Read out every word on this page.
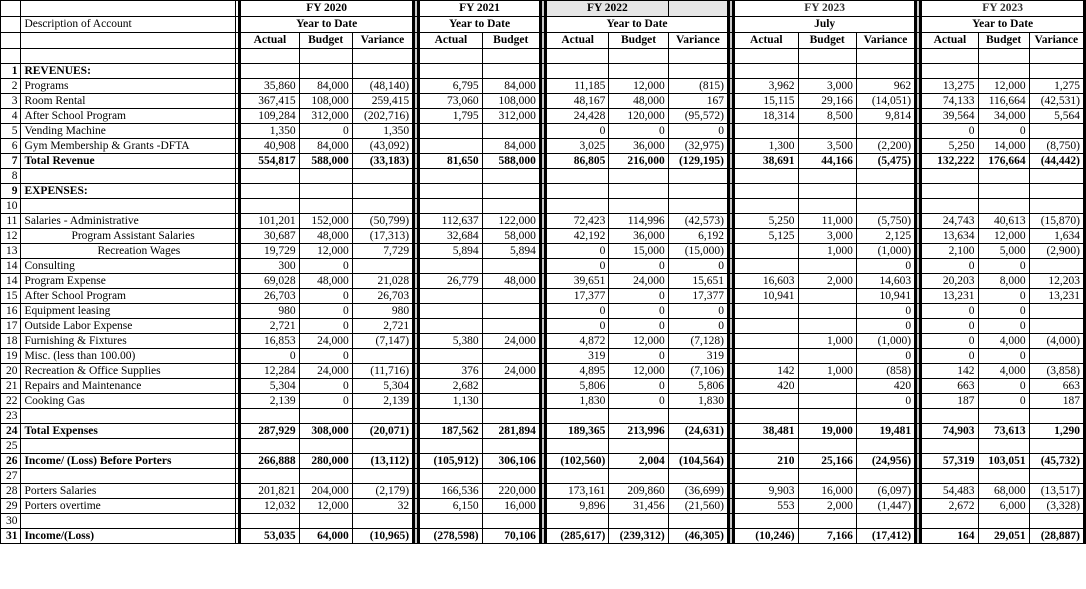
			FY 2020				FY 2021			FY 2022				FY 2023				FY 2023		
	Description of Account		Year to Date				Year to Date			Year to Date				July				Year to Date		
			Actual	Budget	Variance		Actual	Budget		Actual	Budget	Variance		Actual	Budget	Variance		Actual	Budget	Variance

1	REVENUES:																			
2	Programs		35,860	84,000	(48,140)		6,795	84,000		11,185	12,000	(815)		3,962	3,000	962		13,275	12,000	1,275
3	Room Rental		367,415	108,000	259,415		73,060	108,000		48,167	48,000	167		15,115	29,166	(14,051)		74,133	116,664	(42,531)
4	After School Program		109,284	312,000	(202,716)		1,795	312,000		24,428	120,000	(95,572)		18,314	8,500	9,814		39,564	34,000	5,564
5	Vending Machine		1,350	0	1,350					0	0	0						0	0	
6	Gym Membership & Grants -DFTA		40,908	84,000	(43,092)			84,000		3,025	36,000	(32,975)		1,300	3,500	(2,200)		5,250	14,000	(8,750)
7	Total Revenue		554,817	588,000	(33,183)		81,650	588,000		86,805	216,000	(129,195)		38,691	44,166	(5,475)		132,222	176,664	(44,442)
8																				
9	EXPENSES:																			
10																				
11	Salaries - Administrative		101,201	152,000	(50,799)		112,637	122,000		72,423	114,996	(42,573)		5,250	11,000	(5,750)		24,743	40,613	(15,870)
12	Program Assistant Salaries		30,687	48,000	(17,313)		32,684	58,000		42,192	36,000	6,192		5,125	3,000	2,125		13,634	12,000	1,634
13	Recreation Wages		19,729	12,000	7,729		5,894	5,894		0	15,000	(15,000)			1,000	(1,000)		2,100	5,000	(2,900)
14	Consulting		300	0						0	0	0				0		0	0	
14	Program Expense		69,028	48,000	21,028		26,779	48,000		39,651	24,000	15,651		16,603	2,000	14,603		20,203	8,000	12,203
15	After School Program		26,703	0	26,703					17,377	0	17,377		10,941		10,941		13,231	0	13,231
16	Equipment leasing		980	0	980					0	0	0				0		0	0	
17	Outside Labor Expense		2,721	0	2,721					0	0	0				0		0	0	
18	Furnishing & Fixtures		16,853	24,000	(7,147)		5,380	24,000		4,872	12,000	(7,128)			1,000	(1,000)		0	4,000	(4,000)
19	Misc. (less than 100.00)		0	0						319	0	319				0		0	0	
20	Recreation & Office Supplies		12,284	24,000	(11,716)		376	24,000		4,895	12,000	(7,106)		142	1,000	(858)		142	4,000	(3,858)
21	Repairs and Maintenance		5,304	0	5,304		2,682			5,806	0	5,806		420		420		663	0	663
22	Cooking Gas		2,139	0	2,139		1,130			1,830	0	1,830				0		187	0	187
23																				
24	Total Expenses		287,929	308,000	(20,071)		187,562	281,894		189,365	213,996	(24,631)		38,481	19,000	19,481		74,903	73,613	1,290
25																				
26	Income/ (Loss) Before Porters		266,888	280,000	(13,112)		(105,912)	306,106		(102,560)	2,004	(104,564)		210	25,166	(24,956)		57,319	103,051	(45,732)
27																				
28	Porters Salaries		201,821	204,000	(2,179)		166,536	220,000		173,161	209,860	(36,699)		9,903	16,000	(6,097)		54,483	68,000	(13,517)
29	Porters overtime		12,032	12,000	32		6,150	16,000		9,896	31,456	(21,560)		553	2,000	(1,447)		2,672	6,000	(3,328)
30																				
31	Income/(Loss)		53,035	64,000	(10,965)		(278,598)	70,106		(285,617)	(239,312)	(46,305)		(10,246)	7,166	(17,412)		164	29,051	(28,887)
